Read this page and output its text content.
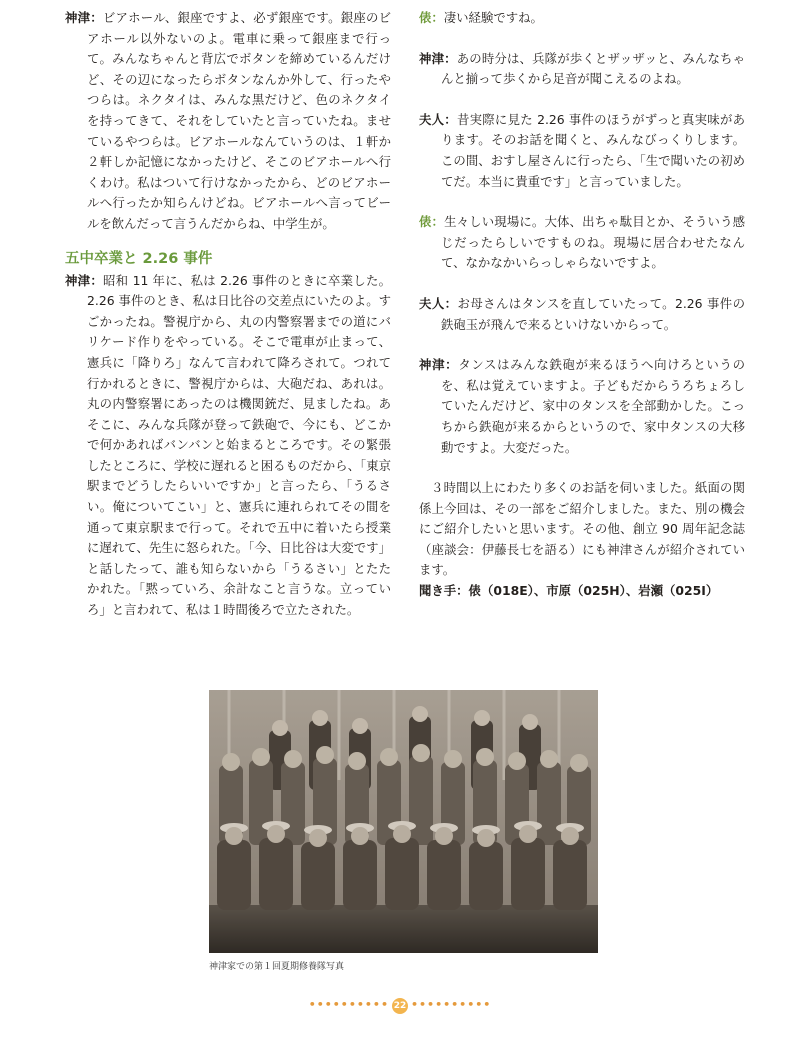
神津：ビアホール、銀座ですよ、必ず銀座です。銀座のビアホール以外ないのよ。電車に乗って銀座まで行って。みんなちゃんと背広でボタンを締めているんだけど、その辺になったらボタンなんか外して、行ったやつらは。ネクタイは、みんな黒だけど、色のネクタイを持ってきて、それをしていたと言っていたね。ませているやつらは。ビアホールなんていうのは、１軒か２軒しか記憶になかったけど、そこのビアホールへ行くわけ。私はついて行けなかったから、どのビアホールへ行ったか知らんけどね。ビアホールへ言ってビールを飲んだって言うんだからね、中学生が。

五中卒業と 2.26 事件

神津：昭和 11 年に、私は 2.26 事件のときに卒業した。2.26 事件のとき、私は日比谷の交差点にいたのよ。すごかったね。警視庁から、丸の内警察署までの道にバリケード作りをやっている。そこで電車が止まって、憲兵に「降りろ」なんて言われて降ろされて。つれて行かれるときに、警視庁からは、大砲だね、あれは。丸の内警察署にあったのは機関銃だ、見ましたね。あそこに、みんな兵隊が登って鉄砲で、今にも、どこかで何かあればバンバンと始まるところです。その緊張したところに、学校に遅れると困るものだから、「東京駅までどうしたらいいですか」と言ったら、「うるさい。俺についてこい」と、憲兵に連れられてその間を通って東京駅まで行って。それで五中に着いたら授業に遅れて、先生に怒られた。「今、日比谷は大変です」と話したって、誰も知らないから「うるさい」とたたかれた。「黙っていろ、余計なこと言うな。立っていろ」と言われて、私は１時間後ろで立たされた。

俵：凄い経験ですね。

神津：あの時分は、兵隊が歩くとザッザッと、みんなちゃんと揃って歩くから足音が聞こえるのよね。

夫人：昔実際に見た 2.26 事件のほうがずっと真実味があります。そのお話を聞くと、みんなびっくりします。この間、おすし屋さんに行ったら、「生で聞いたの初めてだ。本当に貴重です」と言っていました。

俵：生々しい現場に。大体、出ちゃ駄目とか、そういう感じだったらしいですものね。現場に居合わせたなんて、なかなかいらっしゃらないですよ。

夫人：お母さんはタンスを直していたって。2.26 事件の鉄砲玉が飛んで来るといけないからって。

神津：タンスはみんな鉄砲が来るほうへ向けろというのを、私は覚えていますよ。子どもだからうろちょろしていたんだけど、家中のタンスを全部動かした。こっちから鉄砲が来るからというので、家中タンスの大移動ですよ。大変だった。

３時間以上にわたり多くのお話を伺いました。紙面の関係上今回は、その一部をご紹介しました。また、別の機会にご紹介したいと思います。その他、創立 90 周年記念誌（座談会：伊藤長七を語る）にも神津さんが紹介されています。

聞き手：俵（018E）、市原（025H）、岩瀬（025I）

神津家での第１回夏期修養隊写真
•••••••••• 22 ••••••••••
